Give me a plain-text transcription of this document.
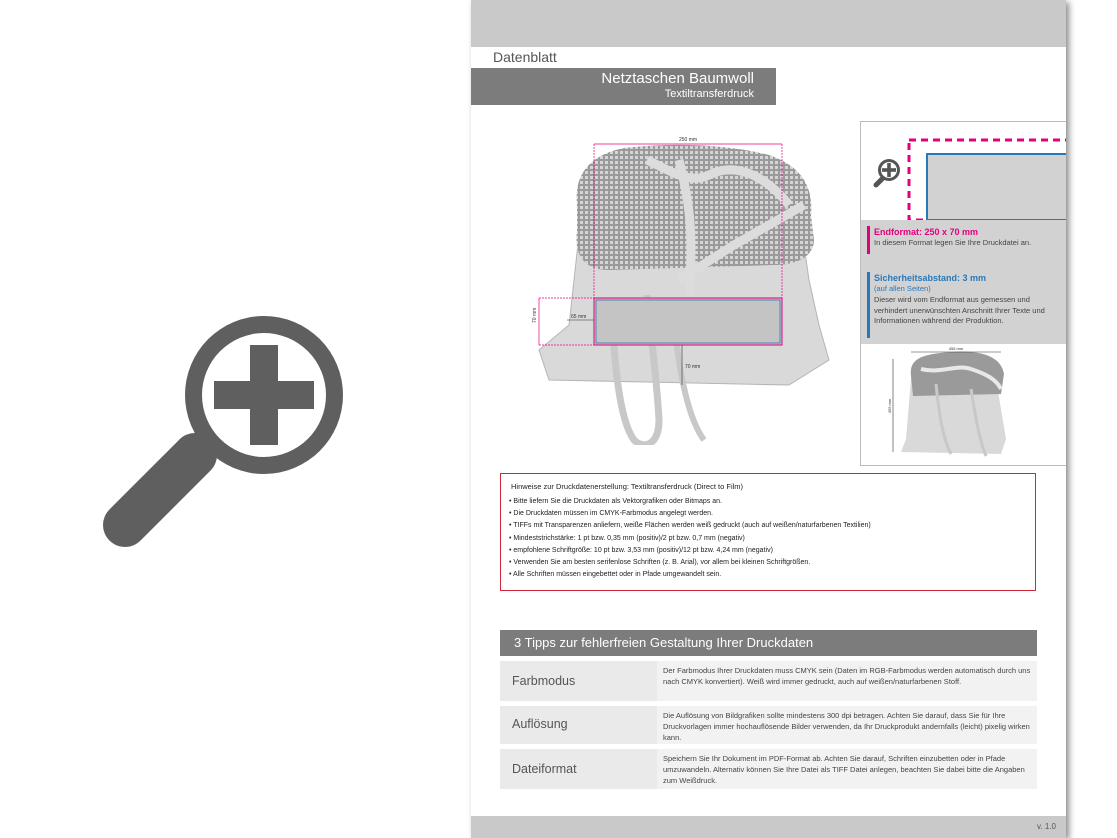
Datenblatt
Netztaschen Baumwoll
Textiltransferdruck
250 mm
70 mm	65 mm
70 mm
Endformat: 250 x 70 mm
In diesem Format legen Sie Ihre Druckdatei an.
Sicherheitsabstand: 3 mm
(auf allen Seiten)
Dieser wird vom Endformat aus gemessen und verhindert unerwünschten Anschnitt Ihrer Texte und Informationen während der Produktion.
455 mm
455 mm
Hinweise zur Druckdatenerstellung: Textiltransferdruck (Direct to Film)
• Bitte liefern Sie die Druckdaten als Vektorgrafiken oder Bitmaps an.
• Die Druckdaten müssen im CMYK-Farbmodus angelegt werden.
• TIFFs mit Transparenzen anliefern, weiße Flächen werden weiß gedruckt (auch auf weißen/naturfarbenen Textilien)
• Mindeststrichstärke: 1 pt bzw. 0,35 mm (positiv)/2 pt bzw. 0,7 mm (negativ)
• empfohlene Schriftgröße: 10 pt bzw. 3,53 mm (positiv)/12 pt bzw. 4,24 mm (negativ)
• Verwenden Sie am besten serifenlose Schriften (z. B. Arial), vor allem bei kleinen Schriftgrößen.
• Alle Schriften müssen eingebettet oder in Pfade umgewandelt sein.
3 Tipps zur fehlerfreien Gestaltung Ihrer Druckdaten
Farbmodus
Der Farbmodus Ihrer Druckdaten muss CMYK sein (Daten im RGB-Farbmodus werden automatisch durch uns nach CMYK konvertiert). Weiß wird immer gedruckt, auch auf weißen/naturfarbenen Stoff.
Auflösung
Die Auflösung von Bildgrafiken sollte mindestens 300 dpi betragen. Achten Sie darauf, dass Sie für Ihre Druckvorlagen immer hochauflösende Bilder verwenden, da Ihr Druckprodukt andernfalls (leicht) pixelig wirken kann.
Dateiformat
Speichern Sie Ihr Dokument im PDF-Format ab. Achten Sie darauf, Schriften einzubetten oder in Pfade umzuwandeln. Alternativ können Sie Ihre Datei als TIFF Datei anlegen, beachten Sie dabei bitte die Angaben zum Weißdruck.
v. 1.0
